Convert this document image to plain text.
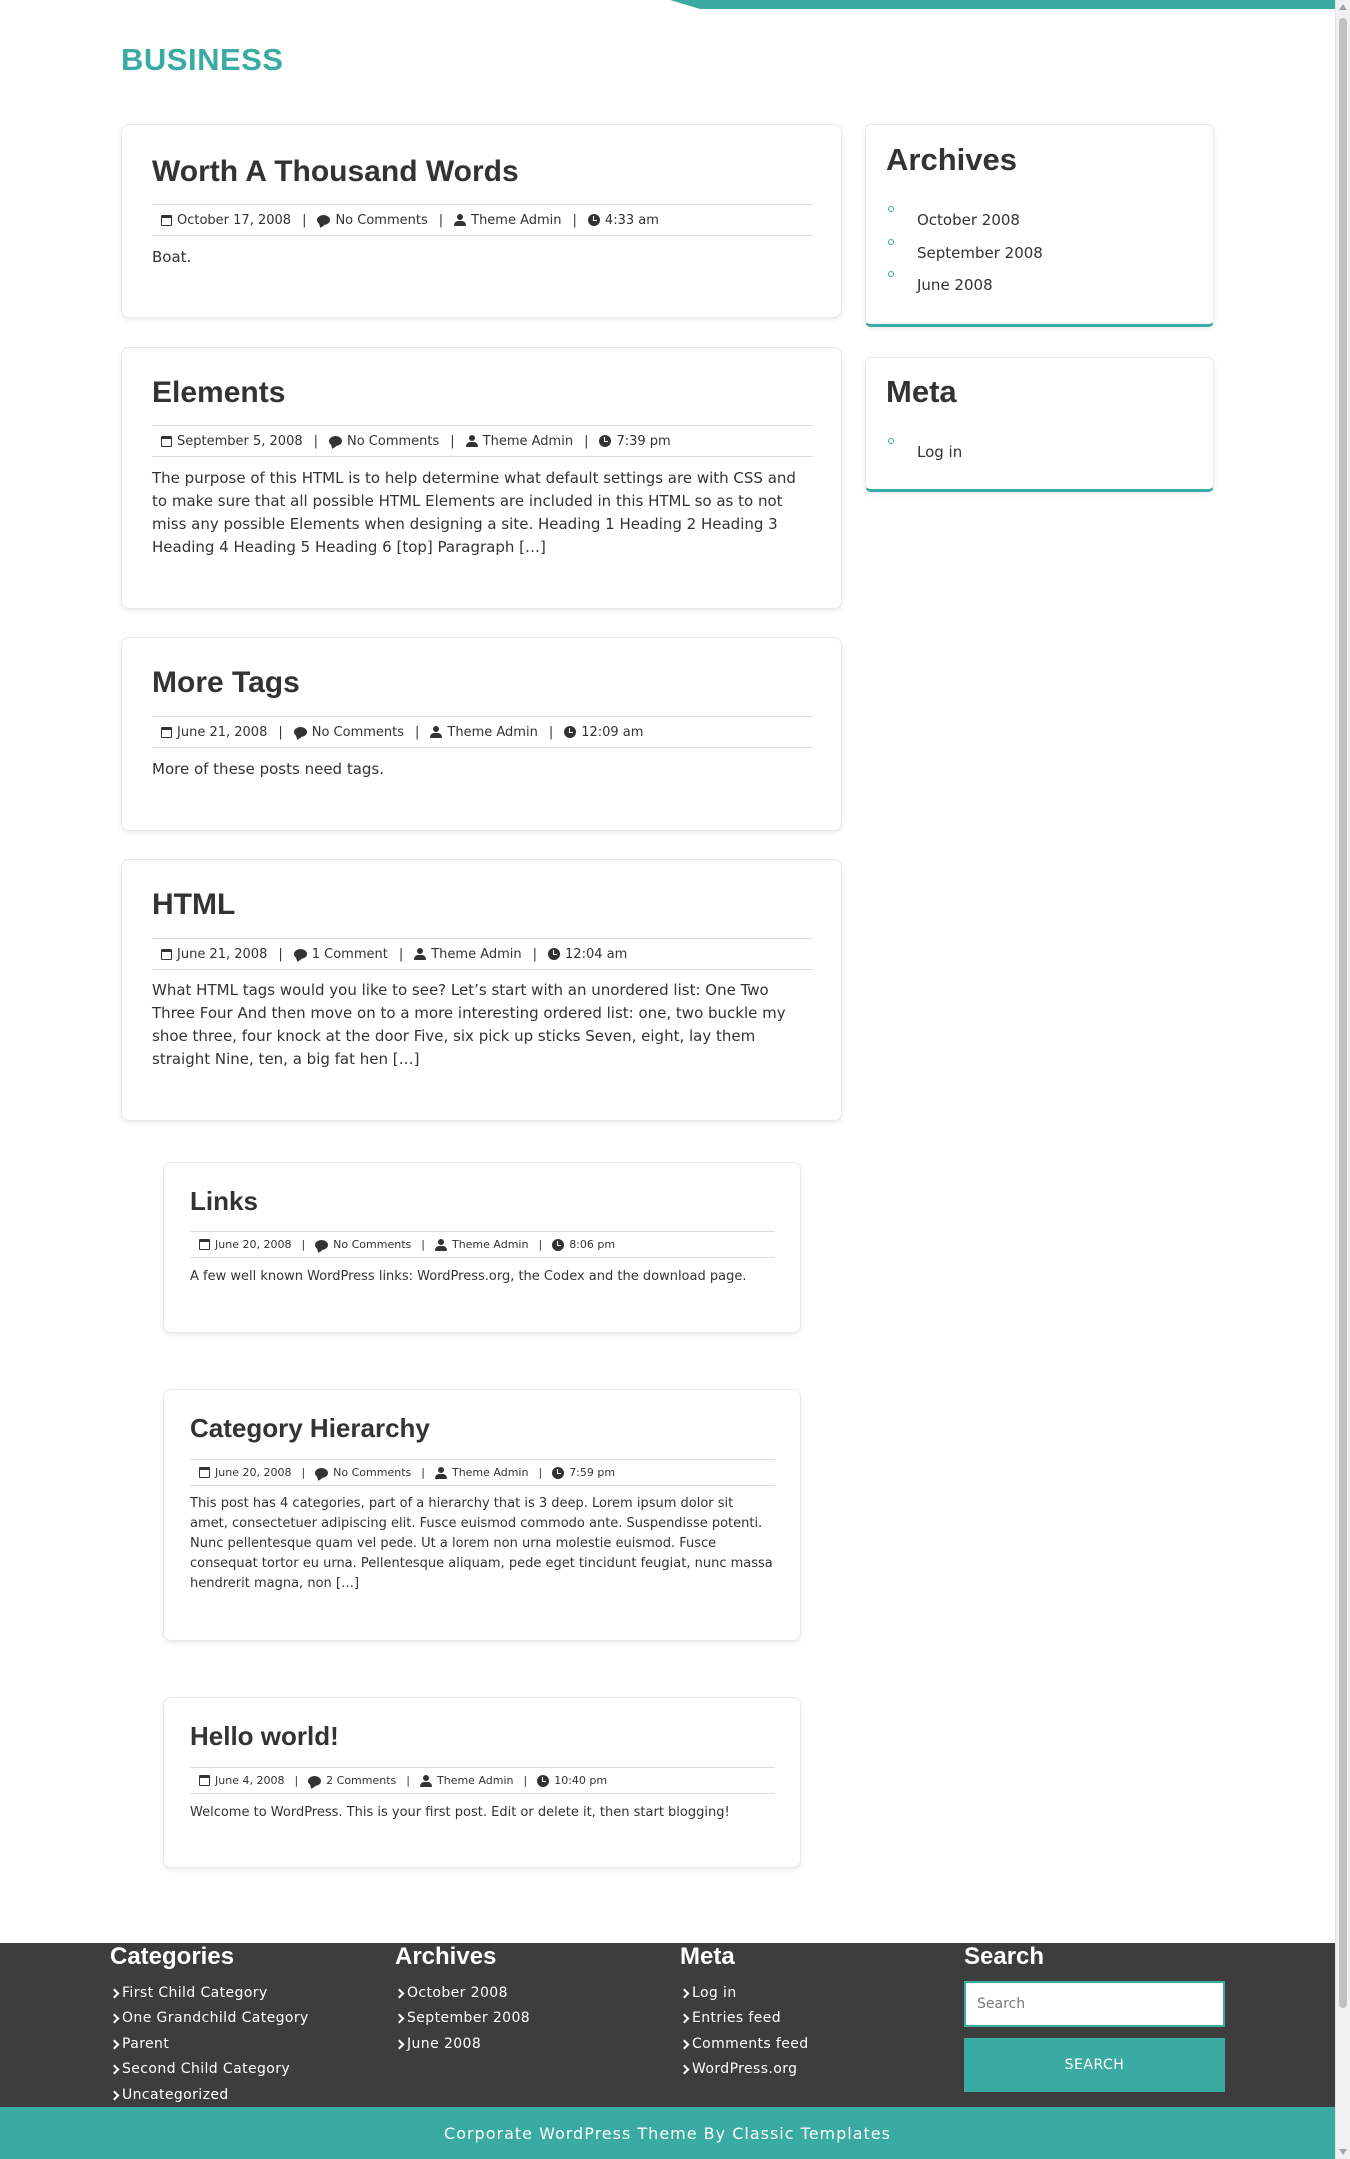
BUSINESS
Worth A Thousand Words
October 17, 2008 | No Comments | Theme Admin | 4:33 am
Boat.
Elements
September 5, 2008 | No Comments | Theme Admin | 7:39 pm
The purpose of this HTML is to help determine what default settings are with CSS and to make sure that all possible HTML Elements are included in this HTML so as to not miss any possible Elements when designing a site. Heading 1 Heading 2 Heading 3 Heading 4 Heading 5 Heading 6 [top] Paragraph […]
More Tags
June 21, 2008 | No Comments | Theme Admin | 12:09 am
More of these posts need tags.
HTML
June 21, 2008 | 1 Comment | Theme Admin | 12:04 am
What HTML tags would you like to see? Let’s start with an unordered list: One Two Three Four And then move on to a more interesting ordered list: one, two buckle my shoe three, four knock at the door Five, six pick up sticks Seven, eight, lay them straight Nine, ten, a big fat hen […]
Links
June 20, 2008 |	No Comments | Theme Admin | 8:06 pm
A few well known WordPress links: WordPress.org, the Codex and the download page.
Category Hierarchy
June 20, 2008 |	No Comments | Theme Admin | 7:59 pm
This post has 4 categories, part of a hierarchy that is 3 deep. Lorem ipsum dolor sit amet, consectetuer adipiscing elit. Fusce euismod commodo ante. Suspendisse potenti. Nunc pellentesque quam vel pede. Ut a lorem non urna molestie euismod. Fusce consequat tortor eu urna. Pellentesque aliquam, pede eget tincidunt feugiat, nunc massa hendrerit magna, non […]
Hello world!
June 4, 2008 |	2 Comments | Theme Admin | 10:40 pm
Welcome to WordPress. This is your first post. Edit or delete it, then start blogging!
Archives
October 2008
September 2008
June 2008
Meta
Log in
Categories
First Child Category
One Grandchild Category
Parent
Second Child Category
Uncategorized
Archives
October 2008
September 2008
June 2008
Meta
Log in
Entries feed
Comments feed
WordPress.org
Search
Search
SEARCH
Corporate WordPress Theme By Classic Templates
